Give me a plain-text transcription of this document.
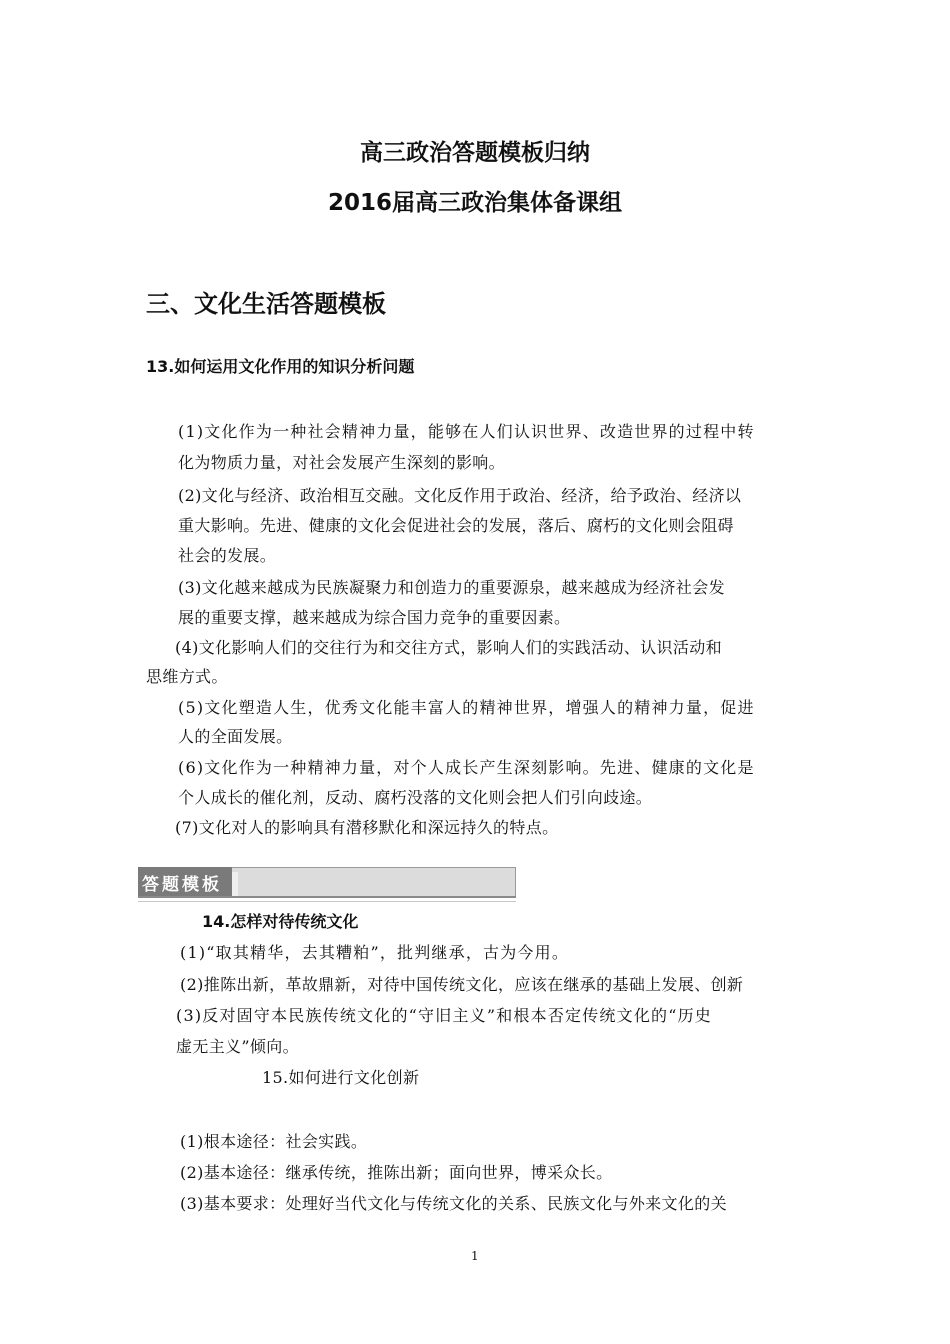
高三政治答题模板归纳
2016届高三政治集体备课组
三、文化生活答题模板
13.如何运用文化作用的知识分析问题
(1)文化作为一种社会精神力量，能够在人们认识世界、改造世界的过程中转
化为物质力量，对社会发展产生深刻的影响。
(2)文化与经济、政治相互交融。文化反作用于政治、经济，给予政治、经济以
重大影响。先进、健康的文化会促进社会的发展，落后、腐朽的文化则会阻碍
社会的发展。
(3)文化越来越成为民族凝聚力和创造力的重要源泉，越来越成为经济社会发
展的重要支撑，越来越成为综合国力竞争的重要因素。
(4)文化影响人们的交往行为和交往方式，影响人们的实践活动、认识活动和
思维方式。
(5)文化塑造人生，优秀文化能丰富人的精神世界，增强人的精神力量，促进
人的全面发展。
(6)文化作为一种精神力量，对个人成长产生深刻影响。先进、健康的文化是
个人成长的催化剂，反动、腐朽没落的文化则会把人们引向歧途。
(7)文化对人的影响具有潜移默化和深远持久的特点。
答题模板
14.怎样对待传统文化
(1)“取其精华，去其糟粕”，批判继承，古为今用。
(2)推陈出新，革故鼎新，对待中国传统文化，应该在继承的基础上发展、创新
(3)反对固守本民族传统文化的“守旧主义”和根本否定传统文化的“历史
虚无主义”倾向。
15.如何进行文化创新
(1)根本途径：社会实践。
(2)基本途径：继承传统，推陈出新；面向世界，博采众长。
(3)基本要求：处理好当代文化与传统文化的关系、民族文化与外来文化的关
1
